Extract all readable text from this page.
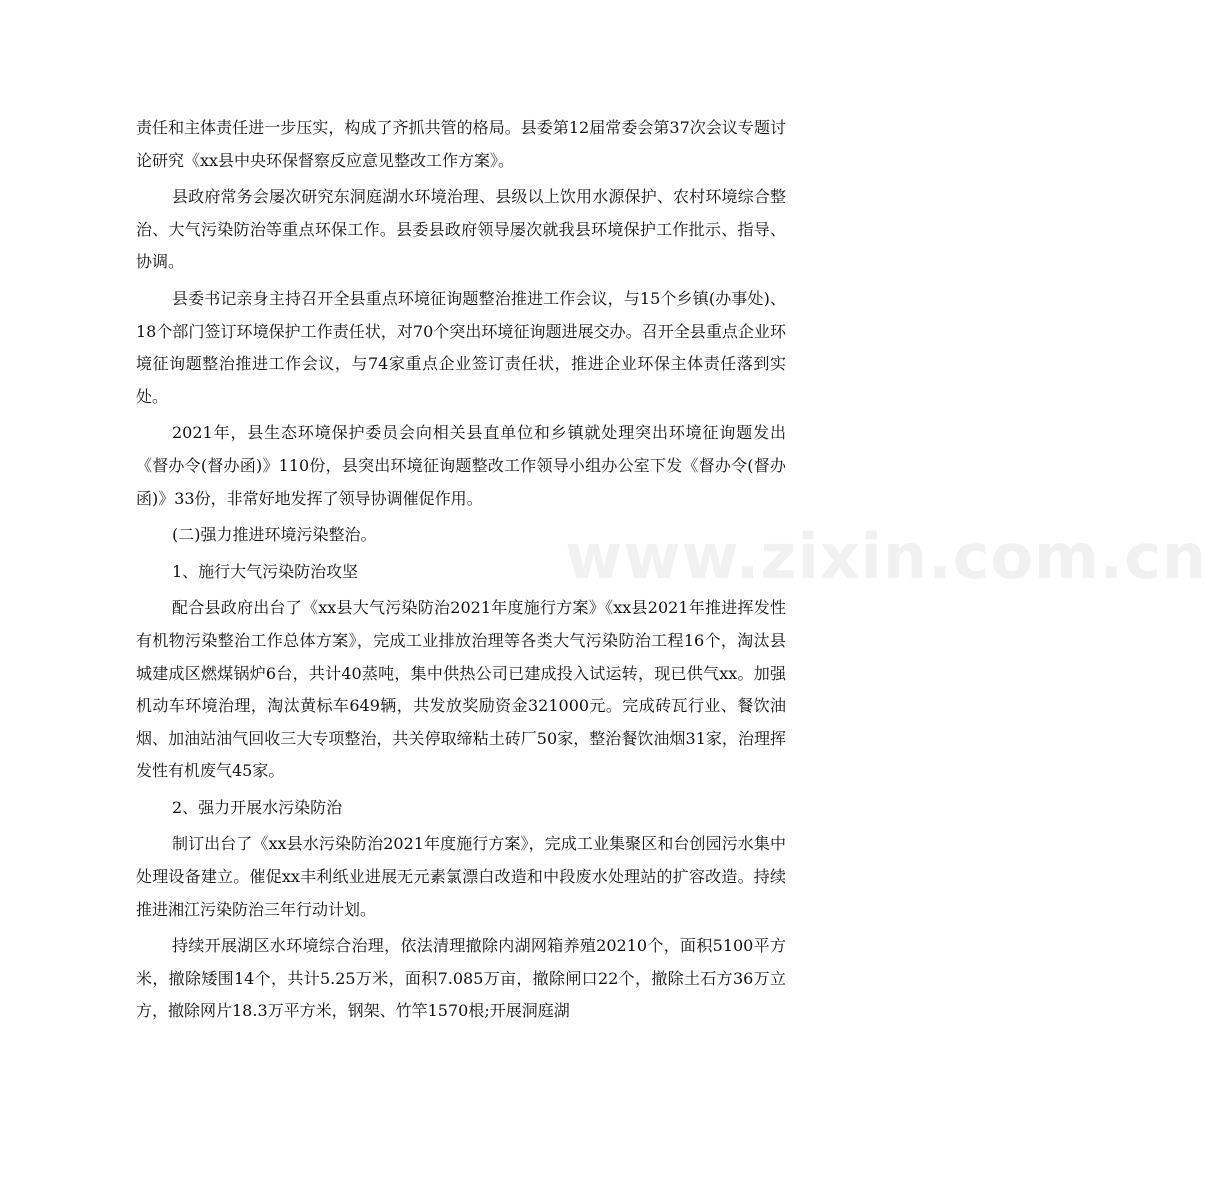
责任和主体责任进一步压实，构成了齐抓共管的格局。县委第12届常委会第37次会议专题讨论研究《xx县中央环保督察反应意见整改工作方案》。

县政府常务会屡次研究东洞庭湖水环境治理、县级以上饮用水源保护、农村环境综合整治、大气污染防治等重点环保工作。县委县政府领导屡次就我县环境保护工作批示、指导、协调。

县委书记亲身主持召开全县重点环境征询题整治推进工作会议，与15个乡镇(办事处)、18个部门签订环境保护工作责任状，对70个突出环境征询题进展交办。召开全县重点企业环境征询题整治推进工作会议，与74家重点企业签订责任状，推进企业环保主体责任落到实处。

2021年，县生态环境保护委员会向相关县直单位和乡镇就处理突出环境征询题发出《督办令(督办函)》110份，县突出环境征询题整改工作领导小组办公室下发《督办令(督办函)》33份，非常好地发挥了领导协调催促作用。

(二)强力推进环境污染整治。

1、施行大气污染防治攻坚

配合县政府出台了《xx县大气污染防治2021年度施行方案》《xx县2021年推进挥发性有机物污染整治工作总体方案》，完成工业排放治理等各类大气污染防治工程16个，淘汰县城建成区燃煤锅炉6台，共计40蒸吨，集中供热公司已建成投入试运转，现已供气xx。加强机动车环境治理，淘汰黄标车649辆，共发放奖励资金321000元。完成砖瓦行业、餐饮油烟、加油站油气回收三大专项整治，共关停取缔粘土砖厂50家，整治餐饮油烟31家，治理挥发性有机废气45家。

2、强力开展水污染防治

制订出台了《xx县水污染防治2021年度施行方案》，完成工业集聚区和台创园污水集中处理设备建立。催促xx丰利纸业进展无元素氯漂白改造和中段废水处理站的扩容改造。持续推进湘江污染防治三年行动计划。

持续开展湖区水环境综合治理，依法清理撤除内湖网箱养殖20210个，面积5100平方米，撤除矮围14个，共计5.25万米，面积7.085万亩，撤除闸口22个，撤除土石方36万立方，撤除网片18.3万平方米，钢架、竹竿1570根;开展洞庭湖

www.zixin.com.cn
